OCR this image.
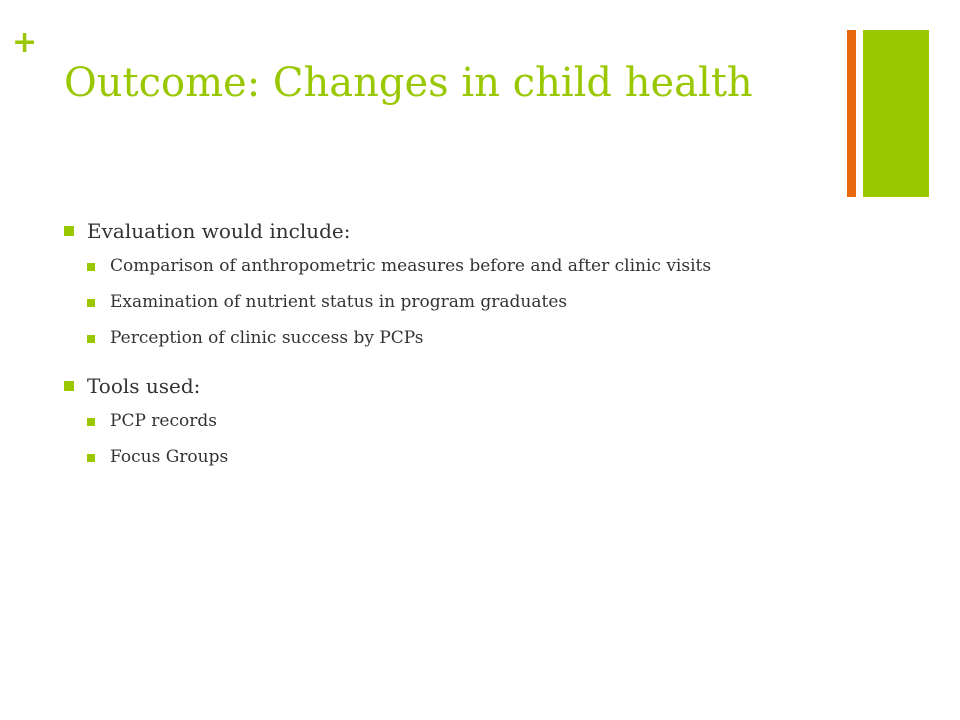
+
Outcome: Changes in child health

Evaluation would include:

Comparison of anthropometric measures before and after clinic visits

Examination of nutrient status in program graduates

Perception of clinic success by PCPs

Tools used:

PCP records

Focus Groups
